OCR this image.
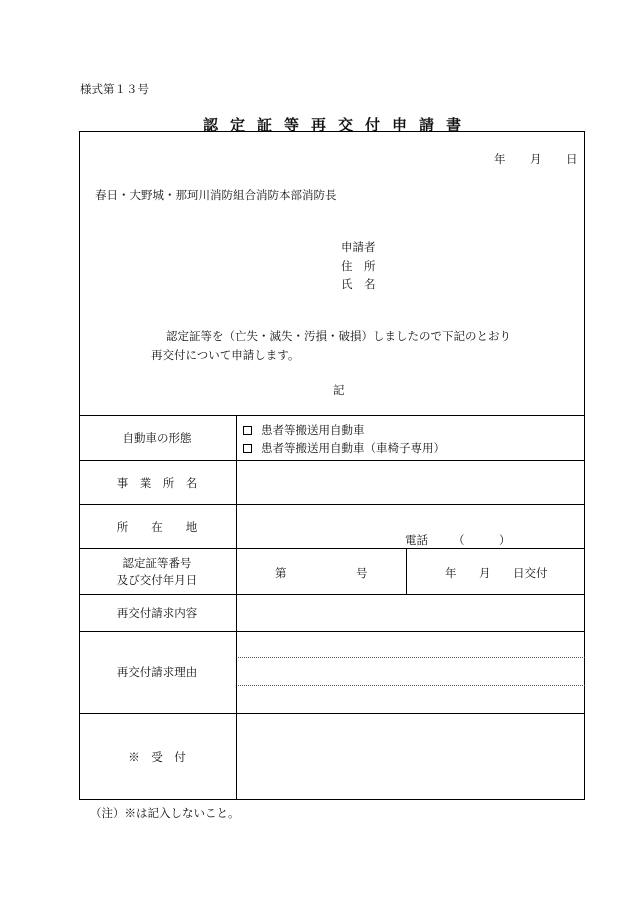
様式第１３号
認定証等再交付申請書
年 月 日
春日・大野城・那珂川消防組合消防本部消防長
申請者
住　所
氏　名
認定証等を（亡失・滅失・汚損・破損）しましたので下記のとおり
再交付について申請します。
記
自動車の形態
事　業　所　名
所　　在　　地
認定証等番号
及び交付年月日
再交付請求内容
再交付請求理由
※　受　付
患者等搬送用自動車
患者等搬送用自動車（車椅子専用）
電話 （　　　）
第	号	年 月 日交付
（注）※は記入しないこと。
